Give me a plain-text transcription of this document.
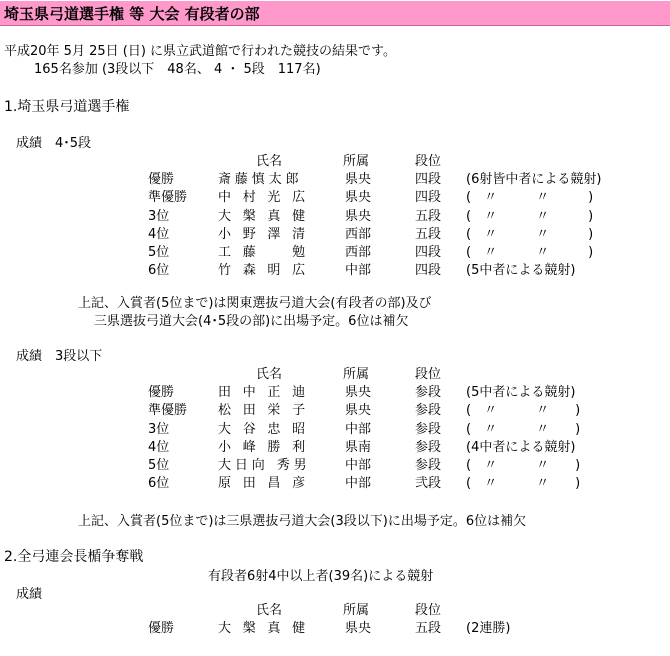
埼玉県弓道選手権 等 大会 有段者の部
平成20年 5月 25日 (日) に県立武道館で行われた競技の結果です。
165名参加 (3段以下　48名、 4 ・ 5段　117名)
1.埼玉県弓道選手権
成績　4･5段
氏名	所属	段位
優勝	斎藤慎太郎	県央	四段 (6射皆中者による競射)
準優勝 中村光広 県央	四段 (　〃　　　〃　　　)
3位	大槃真健 県央	五段 (　〃　　　〃　　　)
4位	小野澤清 西部	五段 (　〃　　　〃　　　)
5位	工藤　勉 西部	四段 (　〃　　　〃　　　)
6位	竹森明広 中部	四段 (5中者による競射)
上記、入賞者(5位まで)は関東選抜弓道大会(有段者の部)及び
三県選抜弓道大会(4･5段の部)に出場予定。6位は補欠
成績　3段以下
氏名	所属	段位
優勝	田中正迪 県央	参段 (5中者による競射)
準優勝 松田栄子 県央	参段 (　〃　　　〃　　)
3位	大谷忠昭 中部	参段 (　〃　　　〃　　)
4位	小峰勝利 県南	参段 (4中者による競射)
5位	大日向 秀男	中部	参段 (　〃　　　〃　　)
6位	原田昌彦 中部	弐段 (　〃　　　〃　　)
上記、入賞者(5位まで)は三県選抜弓道大会(3段以下)に出場予定。6位は補欠
2.全弓連会長楯争奪戦
有段者6射4中以上者(39名)による競射
成績
氏名	所属	段位
優勝	大槃真健 県央	五段 (2連勝)
